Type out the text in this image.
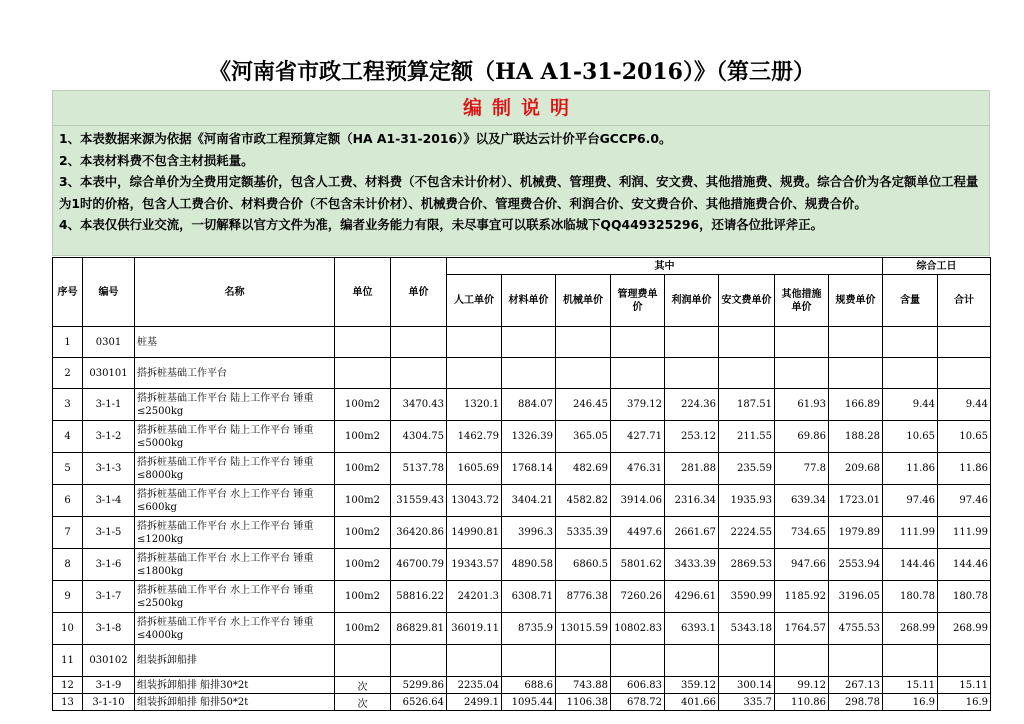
《河南省市政工程预算定额（HA A1-31-2016）》（第三册）
编制说明

1、本表数据来源为依据《河南省市政工程预算定额（HA A1-31-2016）》以及广联达云计价平台GCCP6.0。

2、本表材料费不包含主材损耗量。

3、本表中，综合单价为全费用定额基价，包含人工费、材料费（不包含未计价材）、机械费、管理费、利润、安文费、其他措施费、规费。综合合价为各定额单位工程量为1时的价格，包含人工费合价、材料费合价（不包含未计价材）、机械费合价、管理费合价、利润合价、安文费合价、其他措施费合价、规费合价。

4、本表仅供行业交流，一切解释以官方文件为准，编者业务能力有限，未尽事宜可以联系冰临城下QQ449325296，还请各位批评斧正。

序号	编号	名称	单位	单价	其中								综合工日	
					人工单价	材料单价	机械单价	管理费单价	利润单价	安文费单价	其他措施单价	规费单价	含量	合计
1	0301	桩基												
2	030101	搭拆桩基础工作平台												
3	3-1-1	搭拆桩基础工作平台 陆上工作平台 锤重≤2500kg	100m2	3470.43	1320.1	884.07	246.45	379.12	224.36	187.51	61.93	166.89	9.44	9.44
4	3-1-2	搭拆桩基础工作平台 陆上工作平台 锤重≤5000kg	100m2	4304.75	1462.79	1326.39	365.05	427.71	253.12	211.55	69.86	188.28	10.65	10.65
5	3-1-3	搭拆桩基础工作平台 陆上工作平台 锤重≤8000kg	100m2	5137.78	1605.69	1768.14	482.69	476.31	281.88	235.59	77.8	209.68	11.86	11.86
6	3-1-4	搭拆桩基础工作平台 水上工作平台 锤重≤600kg	100m2	31559.43	13043.72	3404.21	4582.82	3914.06	2316.34	1935.93	639.34	1723.01	97.46	97.46
7	3-1-5	搭拆桩基础工作平台 水上工作平台 锤重≤1200kg	100m2	36420.86	14990.81	3996.3	5335.39	4497.6	2661.67	2224.55	734.65	1979.89	111.99	111.99
8	3-1-6	搭拆桩基础工作平台 水上工作平台 锤重≤1800kg	100m2	46700.79	19343.57	4890.58	6860.5	5801.62	3433.39	2869.53	947.66	2553.94	144.46	144.46
9	3-1-7	搭拆桩基础工作平台 水上工作平台 锤重≤2500kg	100m2	58816.22	24201.3	6308.71	8776.38	7260.26	4296.61	3590.99	1185.92	3196.05	180.78	180.78
10	3-1-8	搭拆桩基础工作平台 水上工作平台 锤重≤4000kg	100m2	86829.81	36019.11	8735.9	13015.59	10802.83	6393.1	5343.18	1764.57	4755.53	268.99	268.99
11	030102	组装拆卸船排												
12	3-1-9	组装拆卸船排 船排30*2t	次	5299.86	2235.04	688.6	743.88	606.83	359.12	300.14	99.12	267.13	15.11	15.11
13	3-1-10	组装拆卸船排 船排50*2t	次	6526.64	2499.1	1095.44	1106.38	678.72	401.66	335.7	110.86	298.78	16.9	16.9
